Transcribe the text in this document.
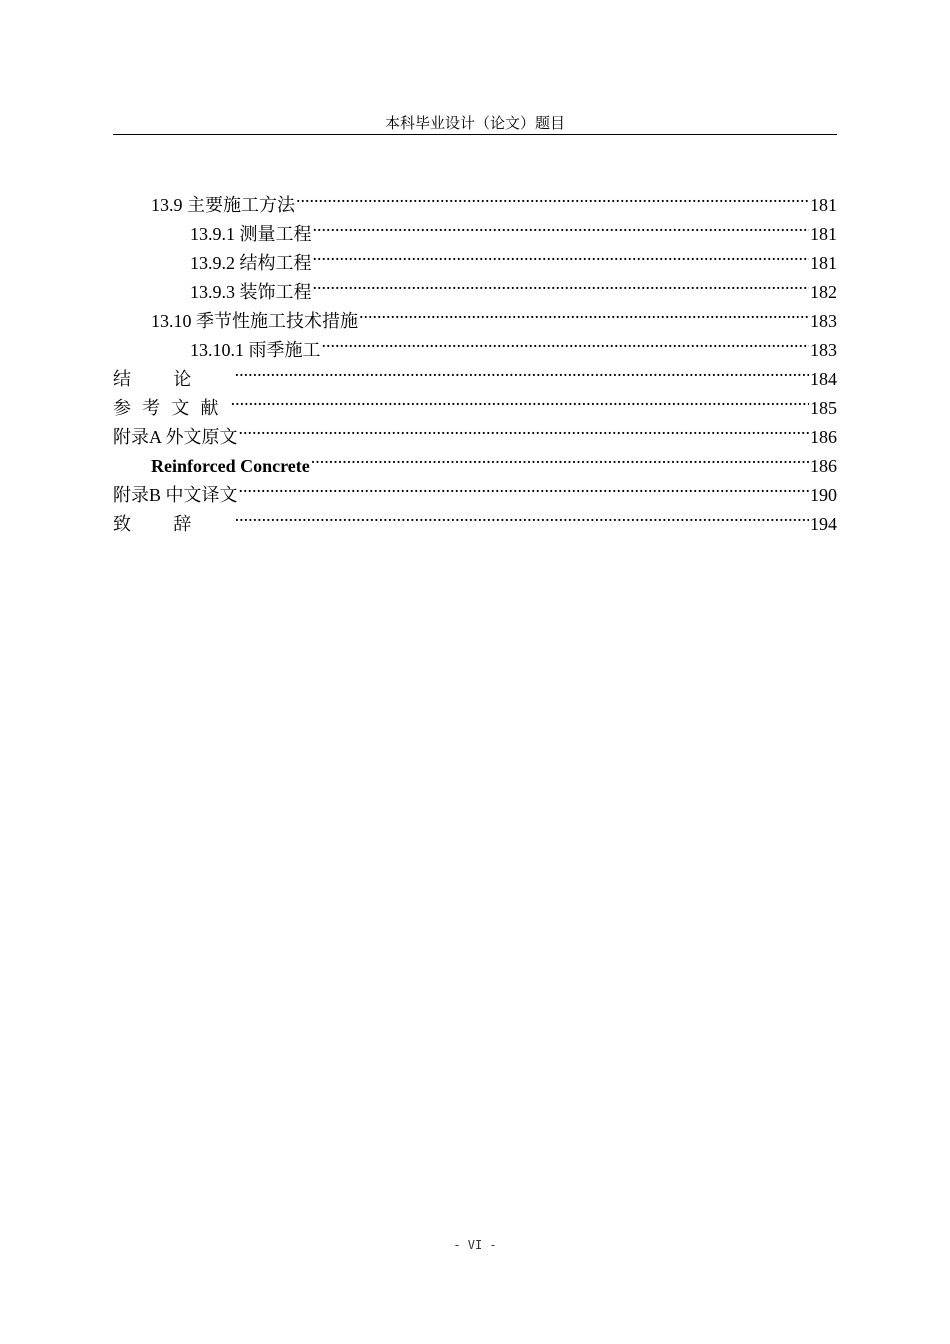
本科毕业设计（论文）题目
13.9 主要施工方法 .....	181
13.9.1 测量工程 .....	181
13.9.2 结构工程 .....	181
13.9.3 装饰工程 .....	182
13.10 季节性施工技术措施 .....	183
13.10.1 雨季施工 .....	183
结论 .....	184
参考文献 .....	185
附录A 外文原文 .....	186
Reinforced Concrete .....	186
附录B 中文译文 .....	190
致辞 .....	194
- VI -
